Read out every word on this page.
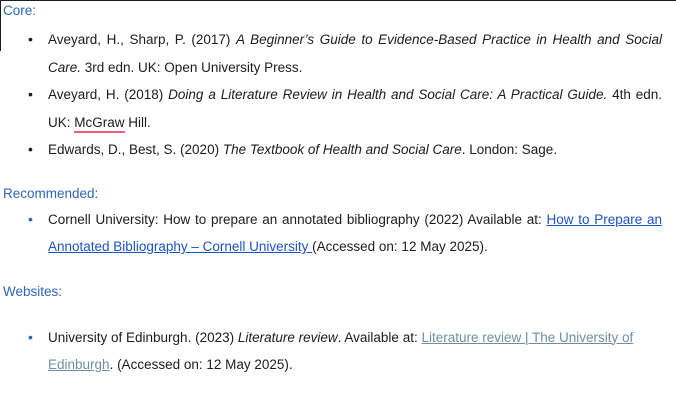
Core:
• Aveyard, H., Sharp, P. (2017) A Beginner’s Guide to Evidence-Based Practice in Health and Social Care. 3rd edn. UK: Open University Press.
• Aveyard, H. (2018) Doing a Literature Review in Health and Social Care: A Practical Guide. 4th edn. UK: McGraw Hill.
• Edwards, D., Best, S. (2020) The Textbook of Health and Social Care. London: Sage.
Recommended:
• Cornell University: How to prepare an annotated bibliography (2022) Available at: How to Prepare an Annotated Bibliography – Cornell University (Accessed on: 12 May 2025).
Websites:
• University of Edinburgh. (2023) Literature review. Available at: Literature review | The University of Edinburgh. (Accessed on: 12 May 2025).
